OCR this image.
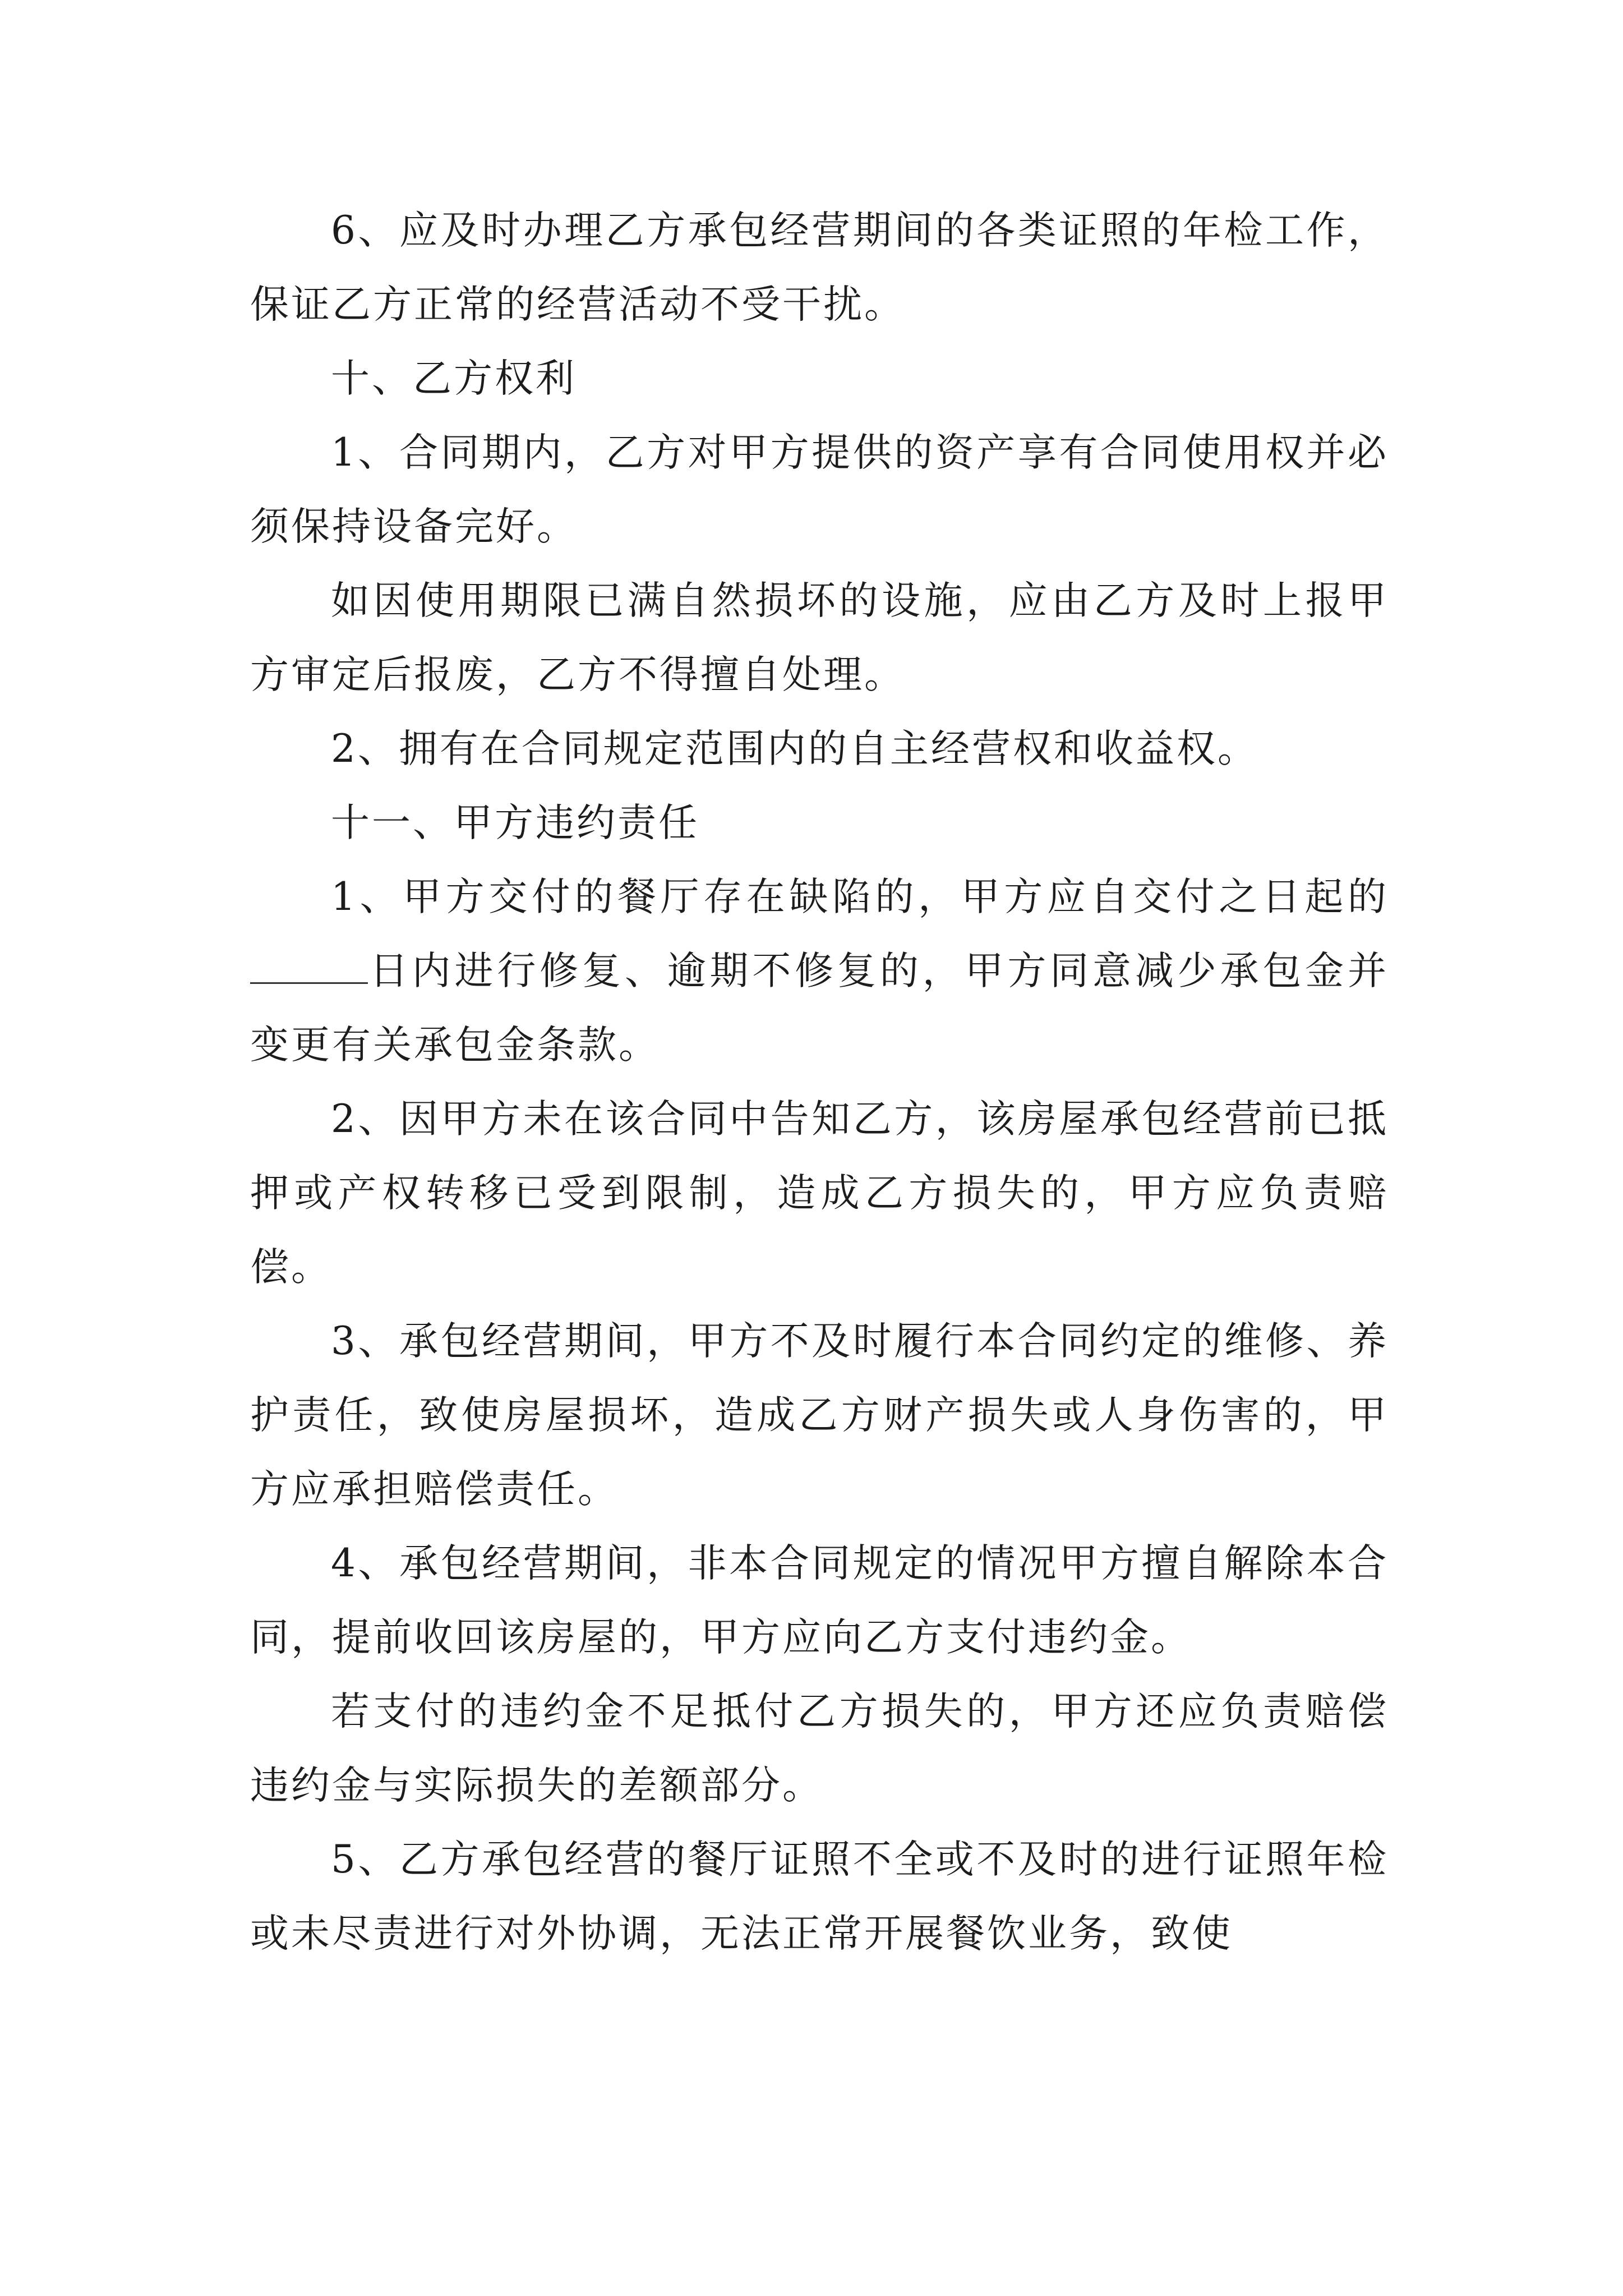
6、应及时办理乙方承包经营期间的各类证照的年检工作，保证乙方正常的经营活动不受干扰。

十、乙方权利

1、合同期内，乙方对甲方提供的资产享有合同使用权并必须保持设备完好。

如因使用期限已满自然损坏的设施，应由乙方及时上报甲方审定后报废，乙方不得擅自处理。

2、拥有在合同规定范围内的自主经营权和收益权。

十一、甲方违约责任

1、甲方交付的餐厅存在缺陷的，甲方应自交付之日起的日内进行修复、逾期不修复的，甲方同意减少承包金并变更有关承包金条款。

2、因甲方未在该合同中告知乙方，该房屋承包经营前已抵押或产权转移已受到限制，造成乙方损失的，甲方应负责赔偿。

3、承包经营期间，甲方不及时履行本合同约定的维修、养护责任，致使房屋损坏，造成乙方财产损失或人身伤害的，甲方应承担赔偿责任。

4、承包经营期间，非本合同规定的情况甲方擅自解除本合同，提前收回该房屋的，甲方应向乙方支付违约金。

若支付的违约金不足抵付乙方损失的，甲方还应负责赔偿违约金与实际损失的差额部分。

5、乙方承包经营的餐厅证照不全或不及时的进行证照年检或未尽责进行对外协调，无法正常开展餐饮业务，致使
